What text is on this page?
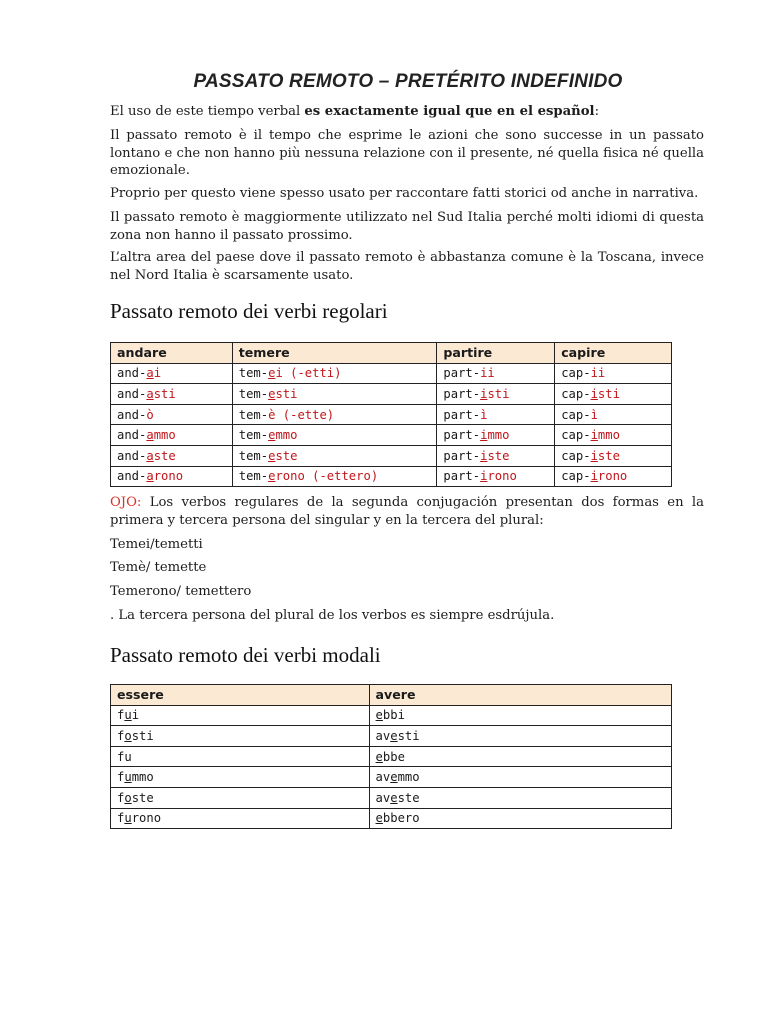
PASSATO REMOTO – PRETÉRITO INDEFINIDO
El uso de este tiempo verbal es exactamente igual que en el español:
Il passato remoto è il tempo che esprime le azioni che sono successe in un passato lontano e che non hanno più nessuna relazione con il presente, né quella fisica né quella emozionale.
Proprio per questo viene spesso usato per raccontare fatti storici od anche in narrativa.
Il passato remoto è maggiormente utilizzato nel Sud Italia perché molti idiomi di questa zona non hanno il passato prossimo.
L’altra area del paese dove il passato remoto è abbastanza comune è la Toscana, invece nel Nord Italia è scarsamente usato.
Passato remoto dei verbi regolari
andare	temere	partire	capire
and-ai	tem-ei (-etti)	part-ii	cap-ii
and-asti	tem-esti	part-isti	cap-isti
and-ò	tem-è (-ette)	part-ì	cap-ì
and-ammo	tem-emmo	part-immo	cap-immo
and-aste	tem-este	part-iste	cap-iste
and-arono	tem-erono (-ettero)	part-irono	cap-irono
OJO: Los verbos regulares de la segunda conjugación presentan dos formas en la primera y tercera persona del singular y en la tercera del plural:
Temei/temetti
Temè/ temette
Temerono/ temettero
. La tercera persona del plural de los verbos es siempre esdrújula.
Passato remoto dei verbi modali
essere	avere
fui	ebbi
fosti	avesti
fu	ebbe
fummo	avemmo
foste	aveste
furono	ebbero
